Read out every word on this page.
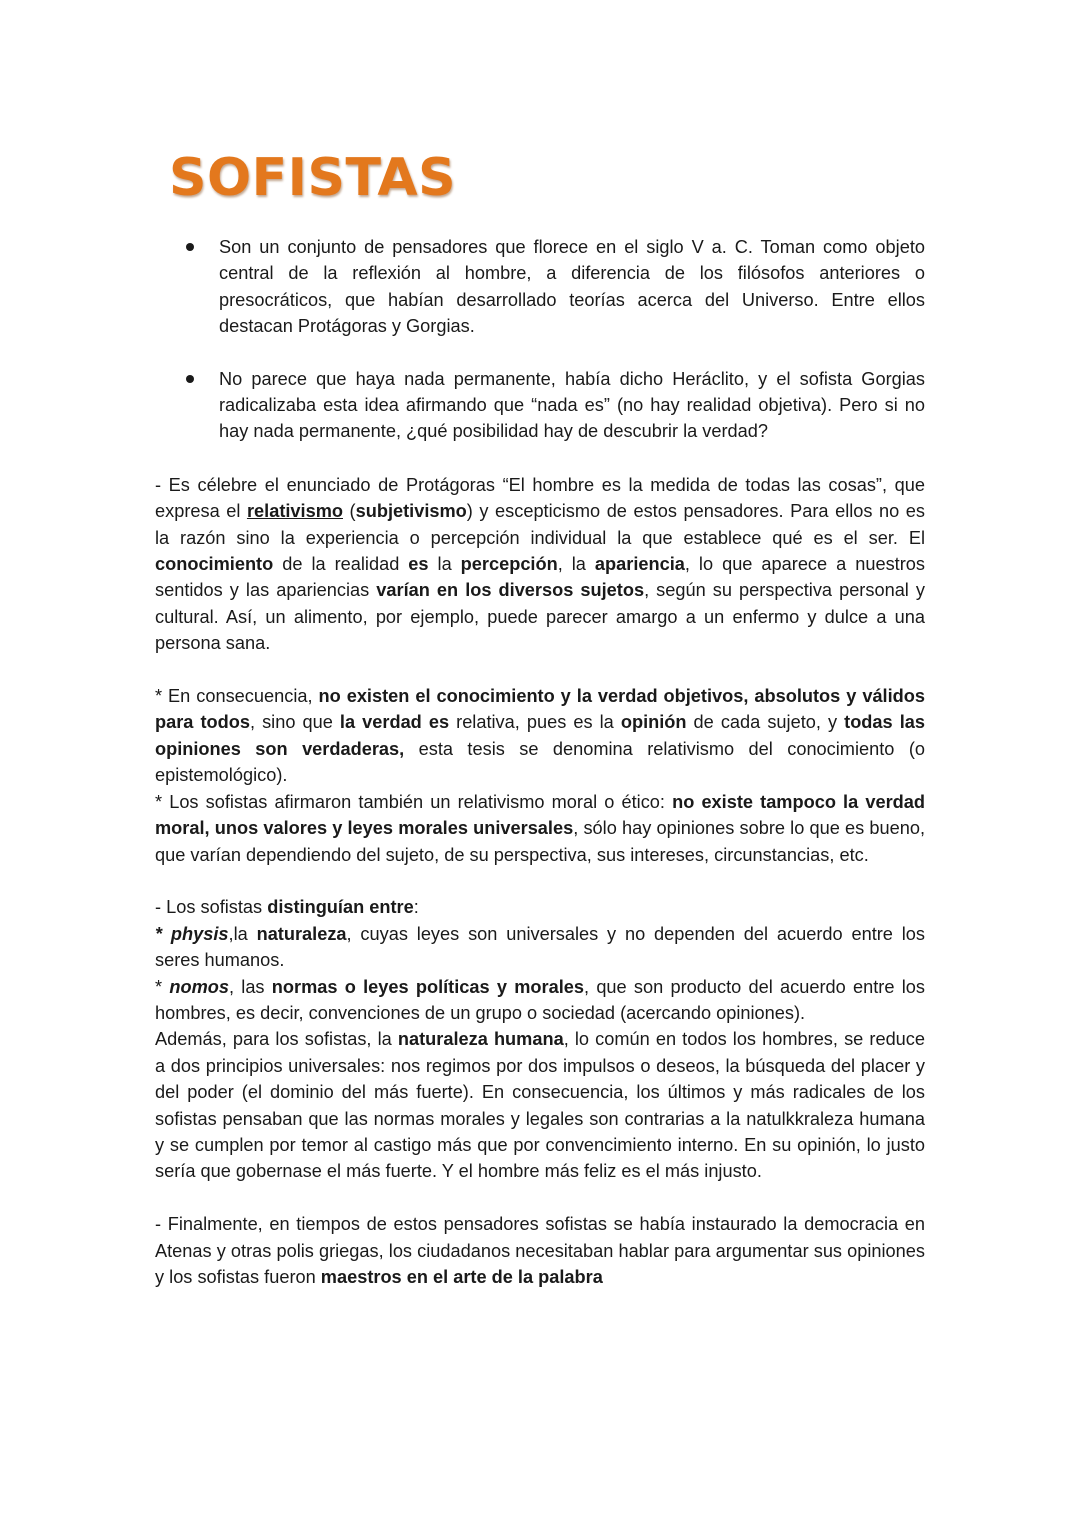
SOFISTAS
Son un conjunto de pensadores que florece en el siglo V a. C. Toman como objeto central de la reflexión al hombre, a diferencia de los filósofos anteriores o presocráticos, que habían desarrollado teorías acerca del Universo. Entre ellos destacan Protágoras y Gorgias.
No parece que haya nada permanente, había dicho Heráclito, y el sofista Gorgias radicalizaba esta idea afirmando que “nada es” (no hay realidad objetiva). Pero si no hay nada permanente, ¿qué posibilidad hay de descubrir la verdad?

- Es célebre el enunciado de Protágoras “El hombre es la medida de todas las cosas”, que expresa el relativismo (subjetivismo) y escepticismo de estos pensadores. Para ellos no es la razón sino la experiencia o percepción individual la que establece qué es el ser. El conocimiento de la realidad es la percepción, la apariencia, lo que aparece a nuestros sentidos y las apariencias varían en los diversos sujetos, según su perspectiva personal y cultural. Así, un alimento, por ejemplo, puede parecer amargo a un enfermo y dulce a una persona sana.

* En consecuencia, no existen el conocimiento y la verdad objetivos, absolutos y válidos para todos, sino que la verdad es relativa, pues es la opinión de cada sujeto, y todas las opiniones son verdaderas, esta tesis se denomina relativismo del conocimiento (o epistemológico).

* Los sofistas afirmaron también un relativismo moral o ético: no existe tampoco la verdad moral, unos valores y leyes morales universales, sólo hay opiniones sobre lo que es bueno, que varían dependiendo del sujeto, de su perspectiva, sus intereses, circunstancias, etc.

- Los sofistas distinguían entre:

* physis,la naturaleza, cuyas leyes son universales y no dependen del acuerdo entre los seres humanos.

* nomos, las normas o leyes políticas y morales, que son producto del acuerdo entre los hombres, es decir, convenciones de un grupo o sociedad (acercando opiniones).

Además, para los sofistas, la naturaleza humana, lo común en todos los hombres, se reduce a dos principios universales: nos regimos por dos impulsos o deseos, la búsqueda del placer y del poder (el dominio del más fuerte). En consecuencia, los últimos y más radicales de los sofistas pensaban que las normas morales y legales son contrarias a la natulkkraleza humana y se cumplen por temor al castigo más que por convencimiento interno. En su opinión, lo justo sería que gobernase el más fuerte. Y el hombre más feliz es el más injusto.

- Finalmente, en tiempos de estos pensadores sofistas se había instaurado la democracia en Atenas y otras polis griegas, los ciudadanos necesitaban hablar para argumentar sus opiniones y los sofistas fueron maestros en el arte de la palabra
